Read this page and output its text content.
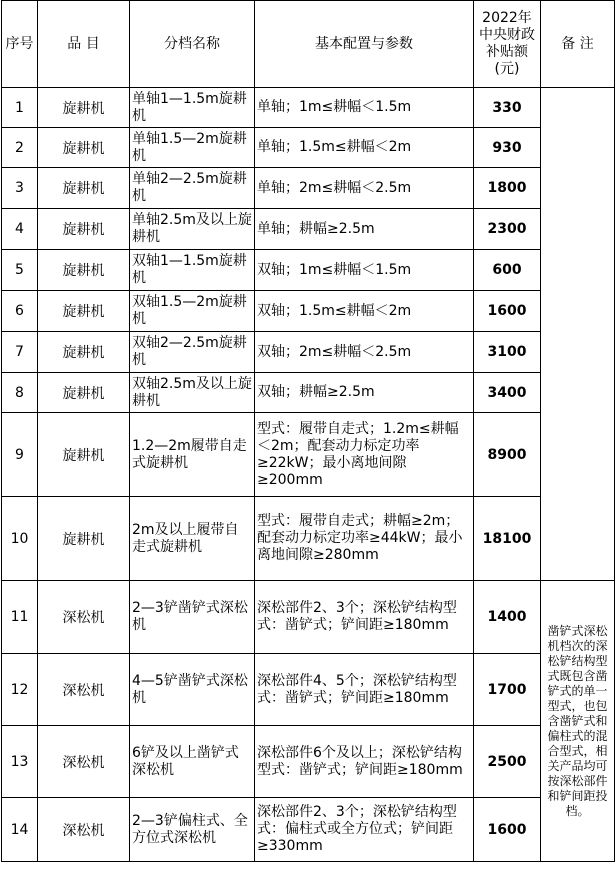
序号	品 目	分档名称	基本配置与参数	2022年中央财政补贴额(元)	备 注
1	旋耕机	单轴1—1.5m旋耕机	单轴；1m≤耕幅＜1.5m	330	
2	旋耕机	单轴1.5—2m旋耕机	单轴；1.5m≤耕幅＜2m	930	
3	旋耕机	单轴2—2.5m旋耕机	单轴；2m≤耕幅＜2.5m	1800	
4	旋耕机	单轴2.5m及以上旋耕机	单轴；耕幅≥2.5m	2300	
5	旋耕机	双轴1—1.5m旋耕机	双轴；1m≤耕幅＜1.5m	600	
6	旋耕机	双轴1.5—2m旋耕机	双轴；1.5m≤耕幅＜2m	1600	
7	旋耕机	双轴2—2.5m旋耕机	双轴；2m≤耕幅＜2.5m	3100	
8	旋耕机	双轴2.5m及以上旋耕机	双轴；耕幅≥2.5m	3400	
9	旋耕机	1.2—2m履带自走式旋耕机	型式：履带自走式；1.2m≤耕幅＜2m；配套动力标定功率≥22kW；最小离地间隙≥200mm	8900	
10	旋耕机	2m及以上履带自走式旋耕机	型式：履带自走式；耕幅≥2m；配套动力标定功率≥44kW；最小离地间隙≥280mm	18100	
11	深松机	2—3铲凿铲式深松机	深松部件2、3个；深松铲结构型式：凿铲式；铲间距≥180mm	1400	凿铲式深松机档次的深松铲结构型式既包含凿铲式的单一型式，也包含凿铲式和偏柱式的混合型式，相关产品均可按深松部件和铲间距投档。
12	深松机	4—5铲凿铲式深松机	深松部件4、5个；深松铲结构型式：凿铲式；铲间距≥180mm	1700	
13	深松机	6铲及以上凿铲式深松机	深松部件6个及以上；深松铲结构型式：凿铲式；铲间距≥180mm	2500	
14	深松机	2—3铲偏柱式、全方位式深松机	深松部件2、3个；深松铲结构型式：偏柱式或全方位式；铲间距≥330mm	1600	
